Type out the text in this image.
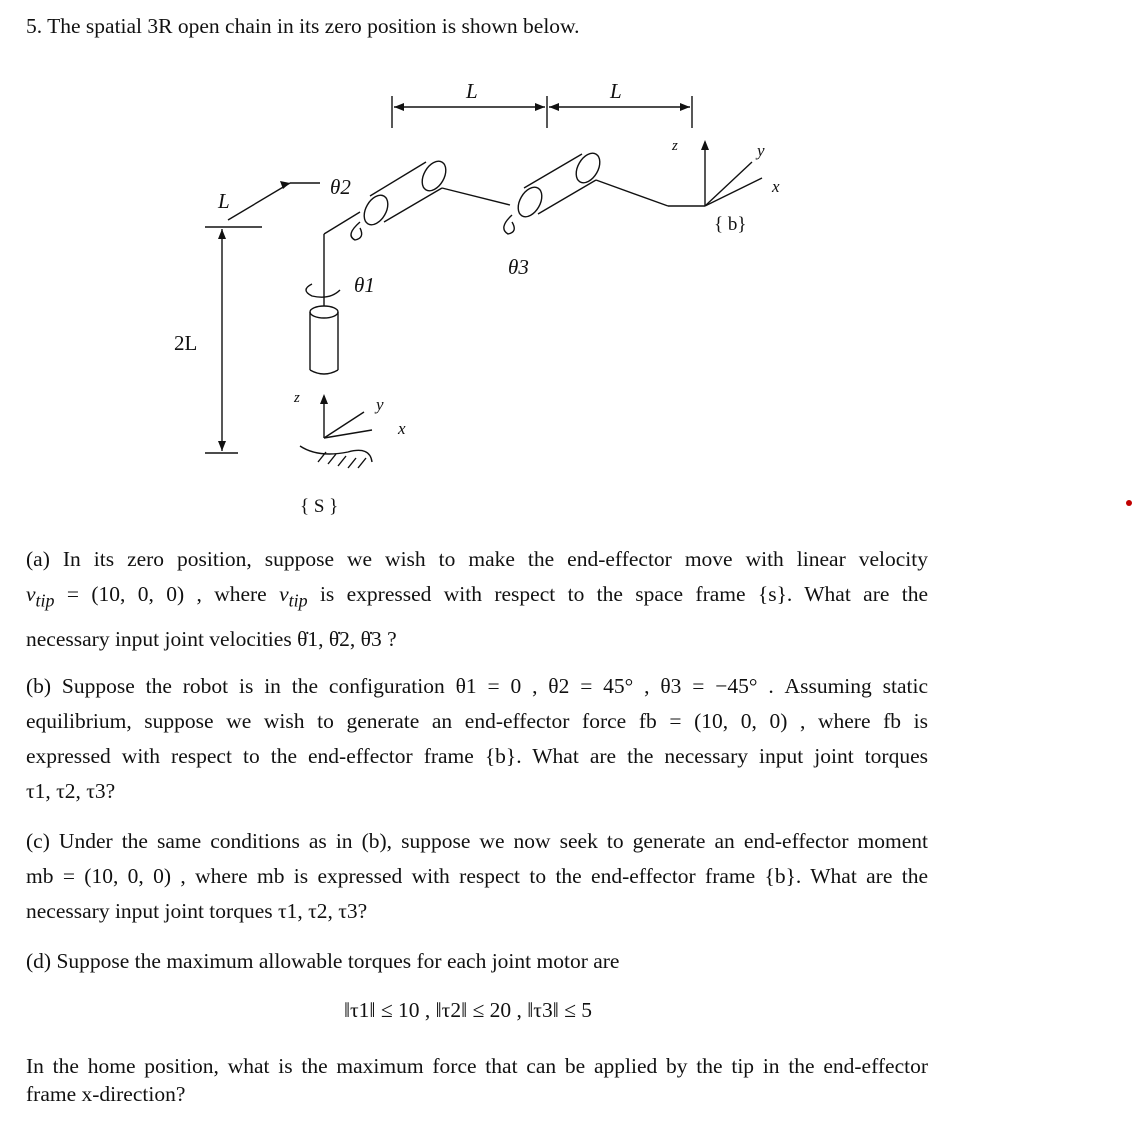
5. The spatial 3R open chain in its zero position is shown below.
L	L
L
2L
θ2
θ1
θ3
z	y
x
z	y
x
{ b}
{ S }
(a) In its zero position, suppose we wish to make the end-effector move with linear velocity
$v_{tip} = (10$, 0, 0) , where $v_{tip}$ is expressed with respect to the space frame {s}. What are the
necessary input joint velocities θ̇1, θ̇2, θ̇3 ?
(b) Suppose the robot is in the configuration θ1 = 0 , θ2 = 45° , θ3 = −45° . Assuming static
equilibrium, suppose we wish to generate an end-effector force fb = (10, 0, 0) , where fb is
expressed with respect to the end-effector frame {b}. What are the necessary input joint torques
τ1, τ2, τ3?
(c) Under the same conditions as in (b), suppose we now seek to generate an end-effector moment
mb = (10, 0, 0) , where mb is expressed with respect to the end-effector frame {b}. What are the
necessary input joint torques τ1, τ2, τ3?
(d) Suppose the maximum allowable torques for each joint motor are
‖τ1‖ ≤ 10 , ‖τ2‖ ≤ 20 , ‖τ3‖ ≤ 5
In the home position, what is the maximum force that can be applied by the tip in the end-effector
frame x-direction?
